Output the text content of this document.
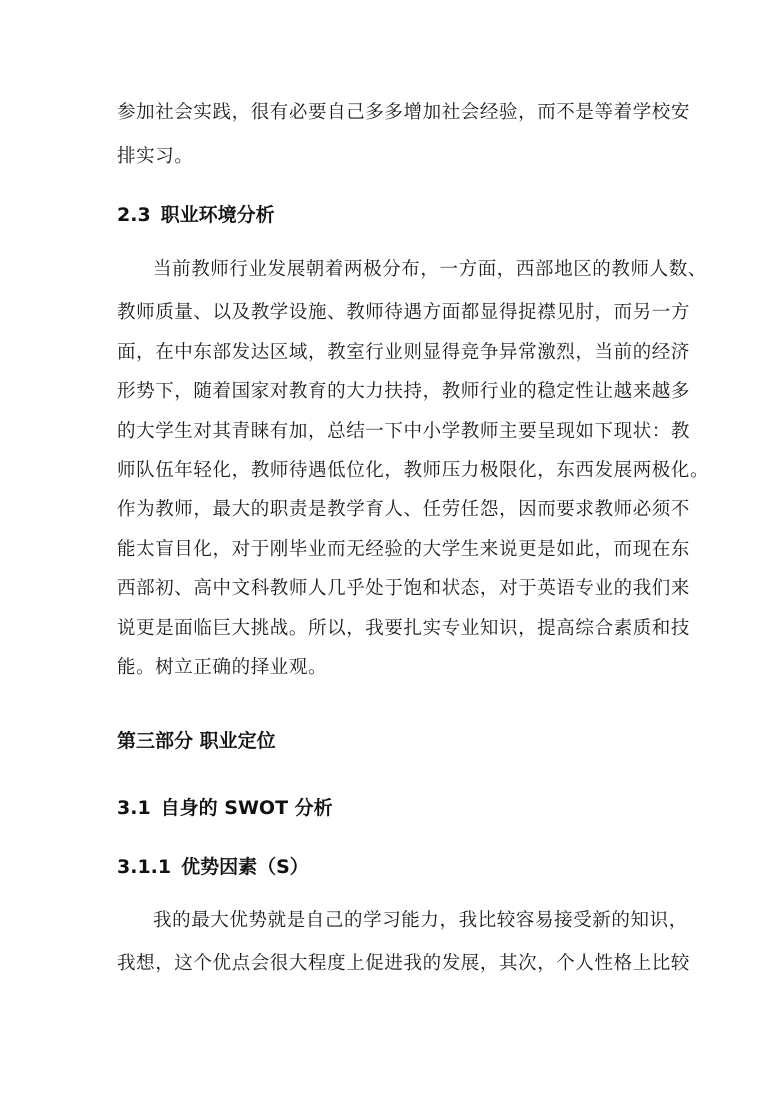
参加社会实践，很有必要自己多多增加社会经验，而不是等着学校安
排实习。
2.3 职业环境分析
当前教师行业发展朝着两极分布，一方面，西部地区的教师人数、
教师质量、以及教学设施、教师待遇方面都显得捉襟见肘，而另一方
面，在中东部发达区域，教室行业则显得竞争异常激烈，当前的经济
形势下，随着国家对教育的大力扶持，教师行业的稳定性让越来越多
的大学生对其青睐有加，总结一下中小学教师主要呈现如下现状：教
师队伍年轻化，教师待遇低位化，教师压力极限化，东西发展两极化。
作为教师，最大的职责是教学育人、任劳任怨，因而要求教师必须不
能太盲目化，对于刚毕业而无经验的大学生来说更是如此，而现在东
西部初、高中文科教师人几乎处于饱和状态，对于英语专业的我们来
说更是面临巨大挑战。所以，我要扎实专业知识，提高综合素质和技
能。树立正确的择业观。
第三部分 职业定位
3.1 自身的 SWOT 分析
3.1.1 优势因素（S）
我的最大优势就是自己的学习能力，我比较容易接受新的知识，
我想，这个优点会很大程度上促进我的发展，其次，个人性格上比较
